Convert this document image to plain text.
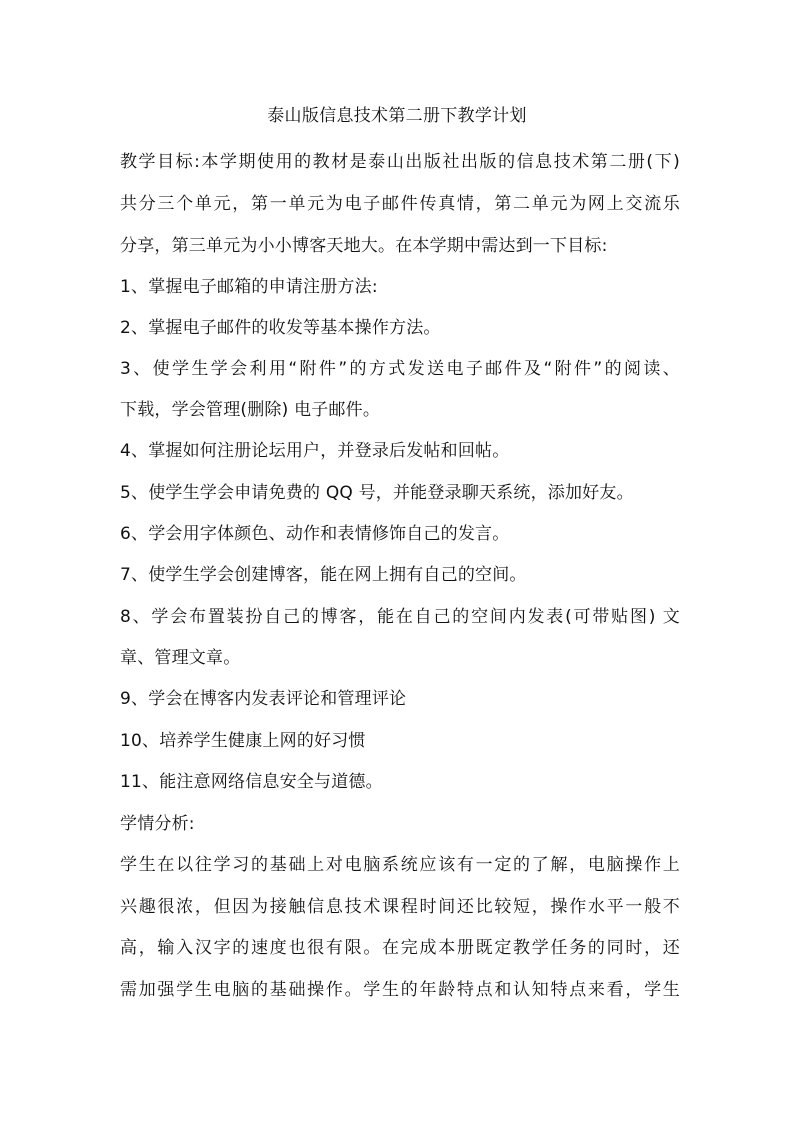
泰山版信息技术第二册下教学计划
教学目标:本学期使用的教材是泰山出版社出版的信息技术第二册(下)
共分三个单元，第一单元为电子邮件传真情，第二单元为网上交流乐
分享，第三单元为小小博客天地大。在本学期中需达到一下目标:
1、掌握电子邮箱的申请注册方法:
2、掌握电子邮件的收发等基本操作方法。
3、使学生学会利用“附件”的方式发送电子邮件及“附件”的阅读、
下载，学会管理(删除) 电子邮件。
4、掌握如何注册论坛用户，并登录后发帖和回帖。
5、使学生学会申请免费的 QQ 号，并能登录聊天系统，添加好友。
6、学会用字体颜色、动作和表情修饰自己的发言。
7、使学生学会创建博客，能在网上拥有自己的空间。
8、学会布置装扮自己的博客，能在自己的空间内发表(可带贴图) 文
章、管理文章。
9、学会在博客内发表评论和管理评论
10、培养学生健康上网的好习惯
11、能注意网络信息安全与道德。
学情分析:
学生在以往学习的基础上对电脑系统应该有一定的了解，电脑操作上
兴趣很浓，但因为接触信息技术课程时间还比较短，操作水平一般不
高，输入汉字的速度也很有限。在完成本册既定教学任务的同时，还
需加强学生电脑的基础操作。学生的年龄特点和认知特点来看，学生
